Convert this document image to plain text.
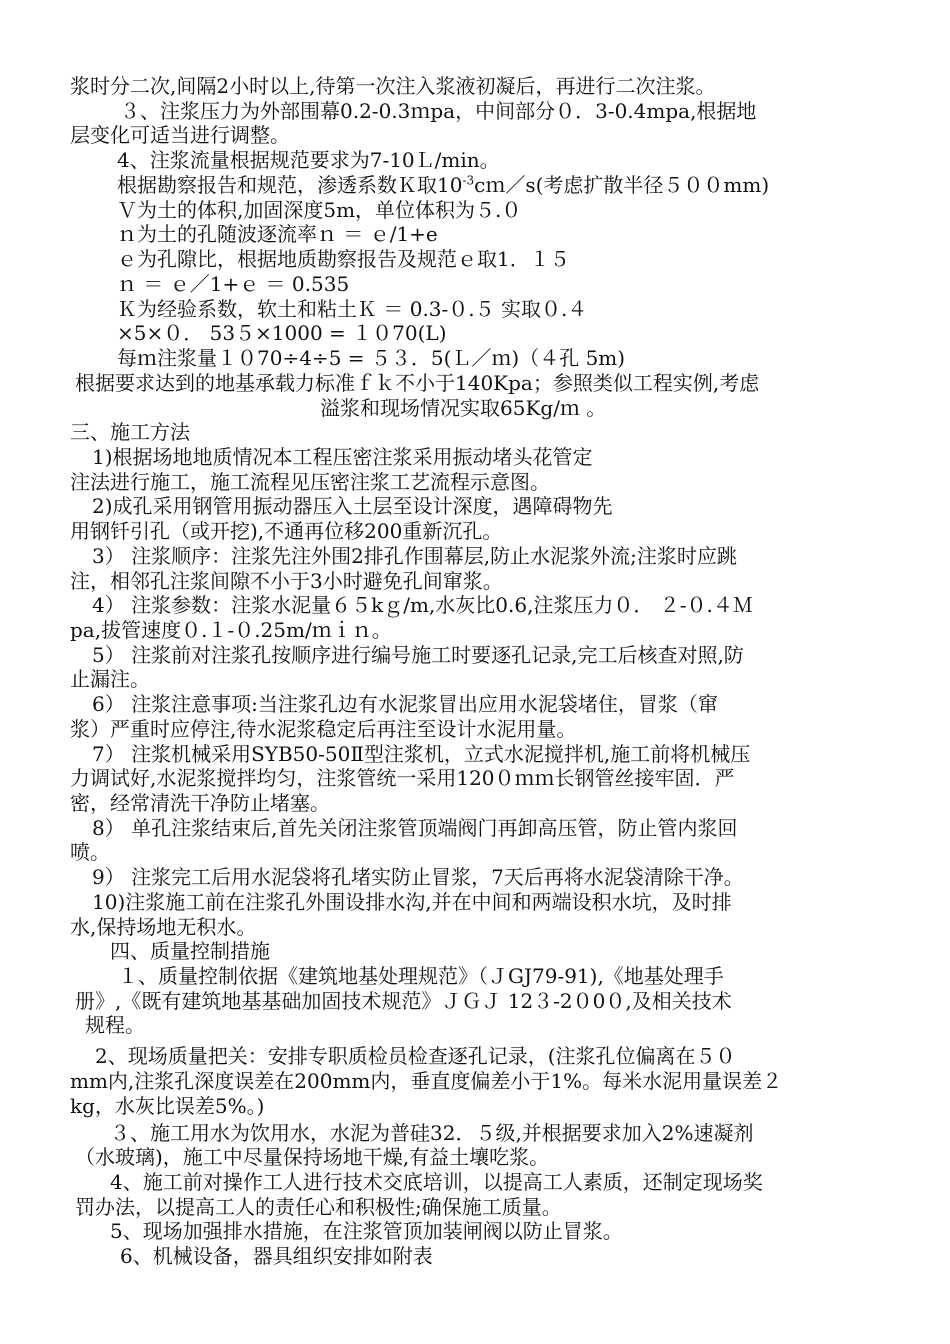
浆时分二次,间隔2小时以上,待第一次注入浆液初凝后，再进行二次注浆。
３、注浆压力为外部围幕0.2-0.3ｍpa，中间部分０．3-0.4mpa,根据地
层变化可适当进行调整。
4、注浆流量根据规范要求为7-10Ｌ/min。
根据勘察报告和规范，渗透系数Ｋ取$10^{-3}cm/s$(考虑扩散半径５００mm)
Ｖ为土的体积,加固深度5m，单位体积为５.０
ｎ为土的孔随波逐流率ｎ ＝ ｅ/1+e
ｅ为孔隙比，根据地质勘察报告及规范ｅ取1．１５
ｎ ＝ ｅ／1+ｅ ＝ 0.535
Ｋ为经验系数，软土和粘土Ｋ ＝ 0.3-０.５ 实取０.４
×5×０． 53５×1000 = １０70(L)
每ｍ注浆量１０70÷4÷5 = ５３．5(Ｌ／ｍ)（４孔 5m)
根据要求达到的地基承载力标准ｆｋ不小于140Kpa；参照类似工程实例,考虑
溢浆和现场情况实取65Kg/ｍ 。
三、施工方法
1)根据场地地质情况本工程压密注浆采用振动堵头花管定
注法进行施工，施工流程见压密注浆工艺流程示意图。
2)成孔采用钢管用振动器压入土层至设计深度，遇障碍物先
用钢钎引孔（或开挖),不通再位移200重新沉孔。
3） 注浆顺序：注浆先注外围2排孔作围幕层,防止水泥浆外流;注浆时应跳
注，相邻孔注浆间隙不小于3小时避免孔间窜浆。
4） 注浆参数：注浆水泥量６５kｇ/m,水灰比0.6,注浆压力０． ２-０.４Ｍ
pa,拔管速度０.１-０.25m/ｍｉｎ。
5） 注浆前对注浆孔按顺序进行编号施工时要逐孔记录,完工后核查对照,防
止漏注。
6） 注浆注意事项:当注浆孔边有水泥浆冒出应用水泥袋堵住，冒浆（窜
浆）严重时应停注,待水泥浆稳定后再注至设计水泥用量。
7） 注浆机械采用SYB50-50Ⅱ型注浆机，立式水泥搅拌机,施工前将机械压
力调试好,水泥浆搅拌均匀，注浆管统一采用120０ｍｍ长钢管丝接牢固．严
密，经常清洗干净防止堵塞。
8） 单孔注浆结束后,首先关闭注浆管顶端阀门再卸高压管，防止管内浆回
喷。
9） 注浆完工后用水泥袋将孔堵实防止冒浆，7天后再将水泥袋清除干净。
10)注浆施工前在注浆孔外围设排水沟,并在中间和两端设积水坑，及时排
水,保持场地无积水。
四、质量控制措施
１、质量控制依据《建筑地基处理规范》（ＪGJ79-91),《地基处理手
册》,《既有建筑地基基础加固技术规范》ＪＧＪ 12３-2０0０,及相关技术
规程。
2、现场质量把关：安排专职质检员检查逐孔记录，(注浆孔位偏离在５０
mm内,注浆孔深度误差在200mm内，垂直度偏差小于1%。每米水泥用量误差２
kg，水灰比误差5%。)
３、施工用水为饮用水，水泥为普硅32．５级,并根据要求加入2%速凝剂
（水玻璃)，施工中尽量保持场地干燥,有益土壤吃浆。
4、施工前对操作工人进行技术交底培训，以提高工人素质，还制定现场奖
罚办法，以提高工人的责任心和积极性;确保施工质量。
5、现场加强排水措施，在注浆管顶加装闸阀以防止冒浆。
6、机械设备，器具组织安排如附表
